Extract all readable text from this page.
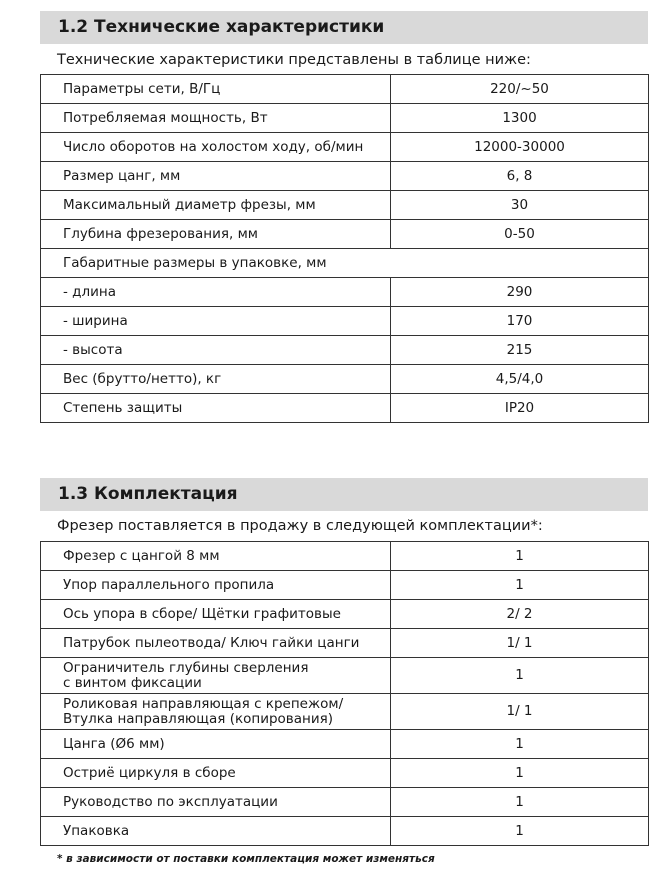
1.2 Технические характеристики
Технические характеристики представлены в таблице ниже:
Параметры сети, В/Гц	220/~50
Потребляемая мощность, Вт	1300
Число оборотов на холостом ходу, об/мин	12000-30000
Размер цанг, мм	6, 8
Максимальный диаметр фрезы, мм	30
Глубина фрезерования, мм	0-50
Габаритные размеры в упаковке, мм	
- длина	290
- ширина	170
- высота	215
Вес (брутто/нетто), кг	4,5/4,0
Степень защиты	IP20
1.3 Комплектация
Фрезер поставляется в продажу в следующей комплектации*:
Фрезер с цангой 8 мм	1
Упор параллельного пропила	1
Ось упора в сборе/ Щётки графитовые	2/ 2
Патрубок пылеотвода/ Ключ гайки цанги	1/ 1

Ограничитель глубины сверления
с винтом фиксации	1

Роликовая направляющая с крепежом/
Втулка направляющая (копирования)	1/ 1
Цанга (Ø6 мм)	1
Остриё циркуля в сборе	1
Руководство по эксплуатации	1
Упаковка	1
* в зависимости от поставки комплектация может изменяться
